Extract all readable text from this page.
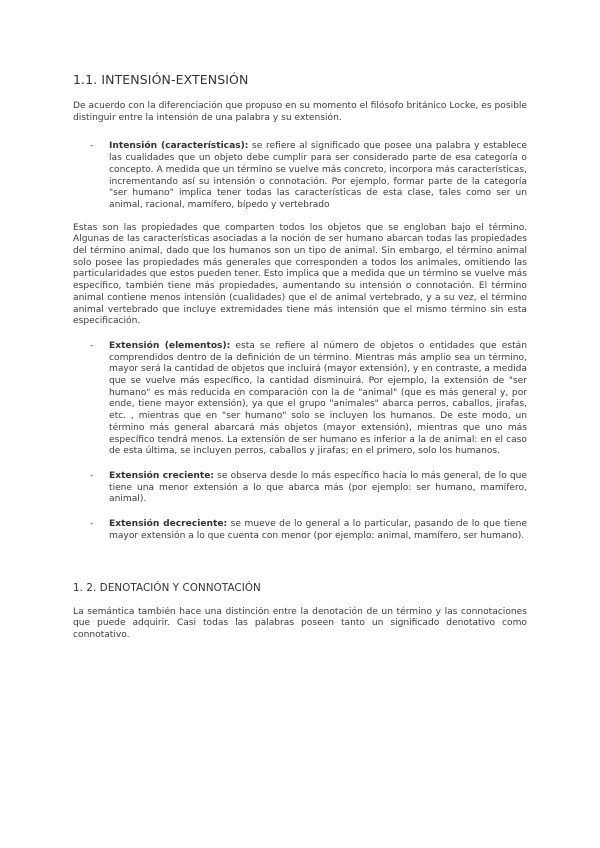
1.1. INTENSIÓN-EXTENSIÓN

De acuerdo con la diferenciación que propuso en su momento el filósofo británico Locke, es posible distinguir entre la intensión de una palabra y su extensión.

- Intensión (características): se refiere al significado que posee una palabra y establece las cualidades que un objeto debe cumplir para ser considerado parte de esa categoría o concepto. A medida que un término se vuelve más concreto, incorpora más características, incrementando así su intensión o connotación. Por ejemplo, formar parte de la categoría "ser humano" implica tener todas las características de esta clase, tales como ser un animal, racional, mamífero, bípedo y vertebrado

Estas son las propiedades que comparten todos los objetos que se engloban bajo el término. Algunas de las características asociadas a la noción de ser humano abarcan todas las propiedades del término animal, dado que los humanos son un tipo de animal. Sin embargo, el término animal solo posee las propiedades más generales que corresponden a todos los animales, omitiendo las particularidades que estos pueden tener. Esto implica que a medida que un término se vuelve más específico, también tiene más propiedades, aumentando su intensión o connotación. El término animal contiene menos intensión (cualidades) que el de animal vertebrado, y a su vez, el término animal vertebrado que incluye extremidades tiene más intensión que el mismo término sin esta especificación.

- Extensión (elementos): esta se refiere al número de objetos o entidades que están comprendidos dentro de la definición de un término. Mientras más amplio sea un término, mayor será la cantidad de objetos que incluirá (mayor extensión), y en contraste, a medida que se vuelve más específico, la cantidad disminuirá. Por ejemplo, la extensión de "ser humano" es más reducida en comparación con la de "animal" (que es más general y, por ende, tiene mayor extensión), ya que el grupo "animales" abarca perros, caballos, jirafas, etc. , mientras que en "ser humano" solo se incluyen los humanos. De este modo, un término más general abarcará más objetos (mayor extensión), mientras que uno más específico tendrá menos. La extensión de ser humano es inferior a la de animal: en el caso de esta última, se incluyen perros, caballos y jirafas; en el primero, solo los humanos.

- Extensión creciente: se observa desde lo más específico hacia lo más general, de lo que tiene una menor extensión a lo que abarca más (por ejemplo: ser humano, mamífero, animal).

- Extensión decreciente: se mueve de lo general a lo particular, pasando de lo que tiene mayor extensión a lo que cuenta con menor (por ejemplo: animal, mamífero, ser humano).

1. 2. DENOTACIÓN Y CONNOTACIÓN

La semántica también hace una distinción entre la denotación de un término y las connotaciones que puede adquirir. Casi todas las palabras poseen tanto un significado denotativo como connotativo.
